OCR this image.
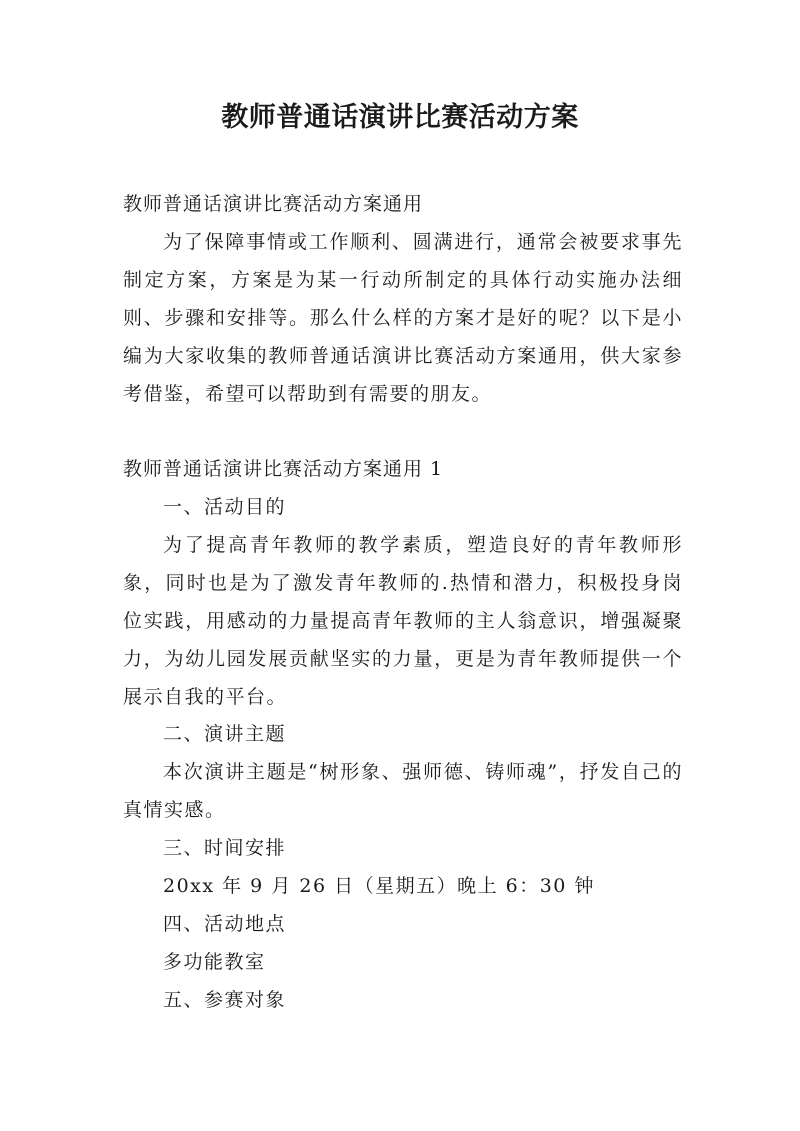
教师普通话演讲比赛活动方案
教师普通话演讲比赛活动方案通用

为了保障事情或工作顺利、圆满进行，通常会被要求事先制定方案，方案是为某一行动所制定的具体行动实施办法细则、步骤和安排等。那么什么样的方案才是好的呢？以下是小编为大家收集的教师普通话演讲比赛活动方案通用，供大家参考借鉴，希望可以帮助到有需要的朋友。

教师普通话演讲比赛活动方案通用 1
一、活动目的

为了提高青年教师的教学素质，塑造良好的青年教师形象，同时也是为了激发青年教师的.热情和潜力，积极投身岗位实践，用感动的力量提高青年教师的主人翁意识，增强凝聚力，为幼儿园发展贡献坚实的力量，更是为青年教师提供一个展示自我的平台。

二、演讲主题

本次演讲主题是“树形象、强师德、铸师魂”，抒发自己的真情实感。

三、时间安排
20xx 年 9 月 26 日（星期五）晚上 6：30 钟
四、活动地点
多功能教室
五、参赛对象
